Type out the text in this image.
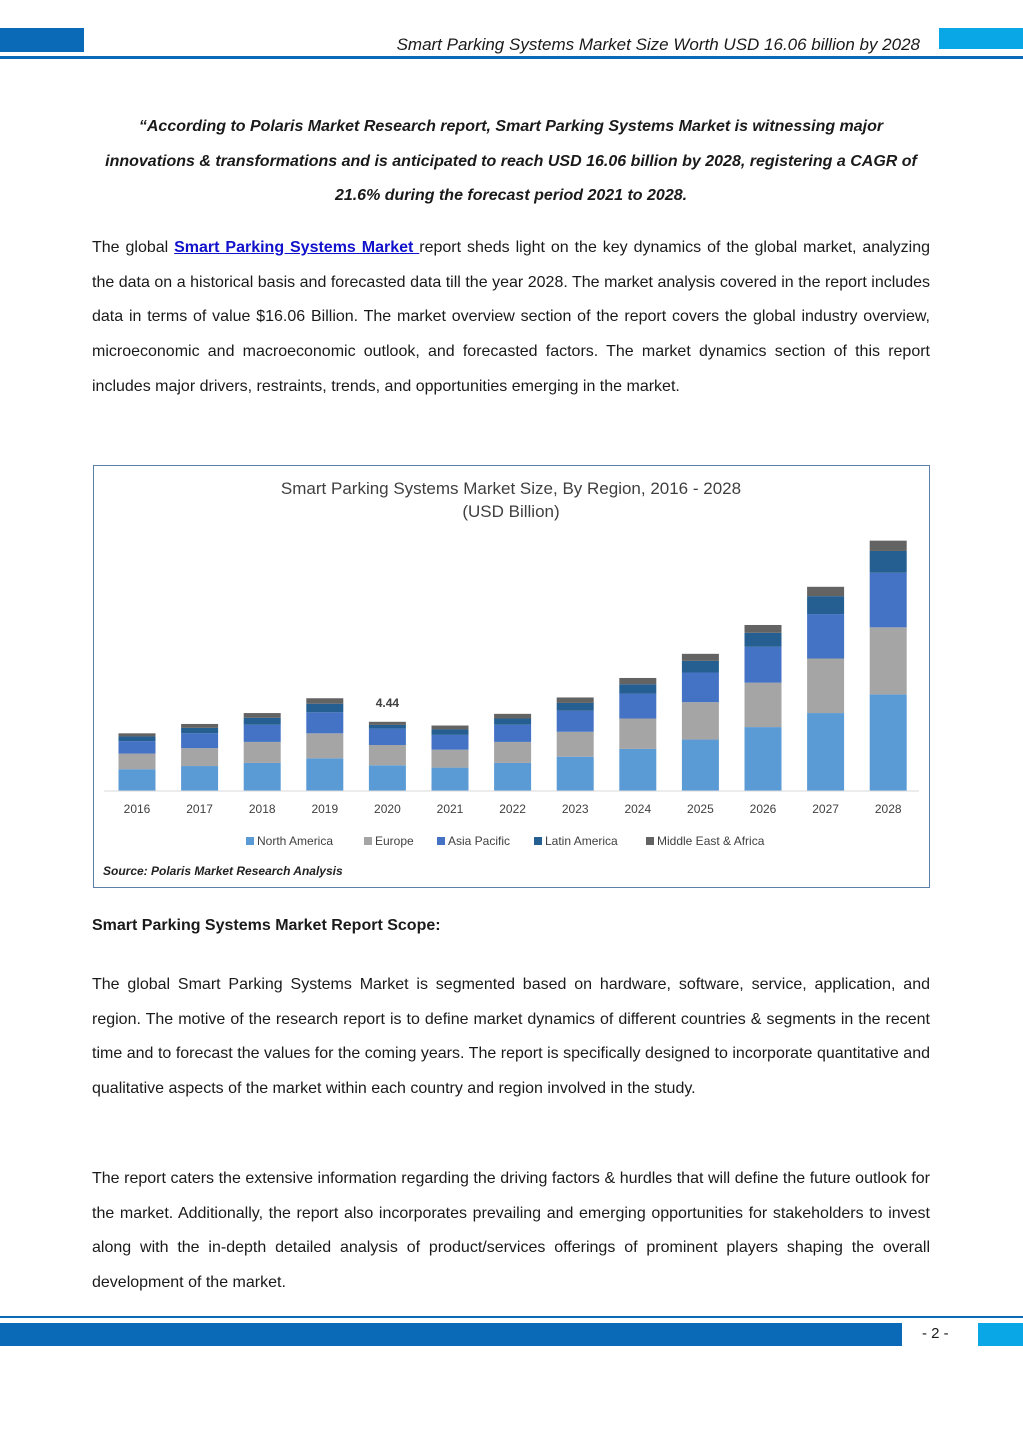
Smart Parking Systems Market Size Worth USD 16.06 billion by 2028
“According to Polaris Market Research report, Smart Parking Systems Market is witnessing major innovations & transformations and is anticipated to reach USD 16.06 billion by 2028, registering a CAGR of 21.6% during the forecast period 2021 to 2028.
The global Smart Parking Systems Market report sheds light on the key dynamics of the global market, analyzing the data on a historical basis and forecasted data till the year 2028. The market analysis covered in the report includes data in terms of value $16.06 Billion. The market overview section of the report covers the global industry overview, microeconomic and macroeconomic outlook, and forecasted factors. The market dynamics section of this report includes major drivers, restraints, trends, and opportunities emerging in the market.
Smart Parking Systems Market Size, By Region, 2016 - 2028
(USD Billion)
4.44
2016	2017	2018	2019	2020	2021	2022	2023	2024	2025	2026	2027	2028
North America	Europe	Asia Pacific	Latin America	Middle East & Africa
Source: Polaris Market Research Analysis
Smart Parking Systems Market Report Scope:
The global Smart Parking Systems Market is segmented based on hardware, software, service, application, and region. The motive of the research report is to define market dynamics of different countries & segments in the recent time and to forecast the values for the coming years. The report is specifically designed to incorporate quantitative and qualitative aspects of the market within each country and region involved in the study.
The report caters the extensive information regarding the driving factors & hurdles that will define the future outlook for the market. Additionally, the report also incorporates prevailing and emerging opportunities for stakeholders to invest along with the in-depth detailed analysis of product/services offerings of prominent players shaping the overall development of the market.
- 2 -
